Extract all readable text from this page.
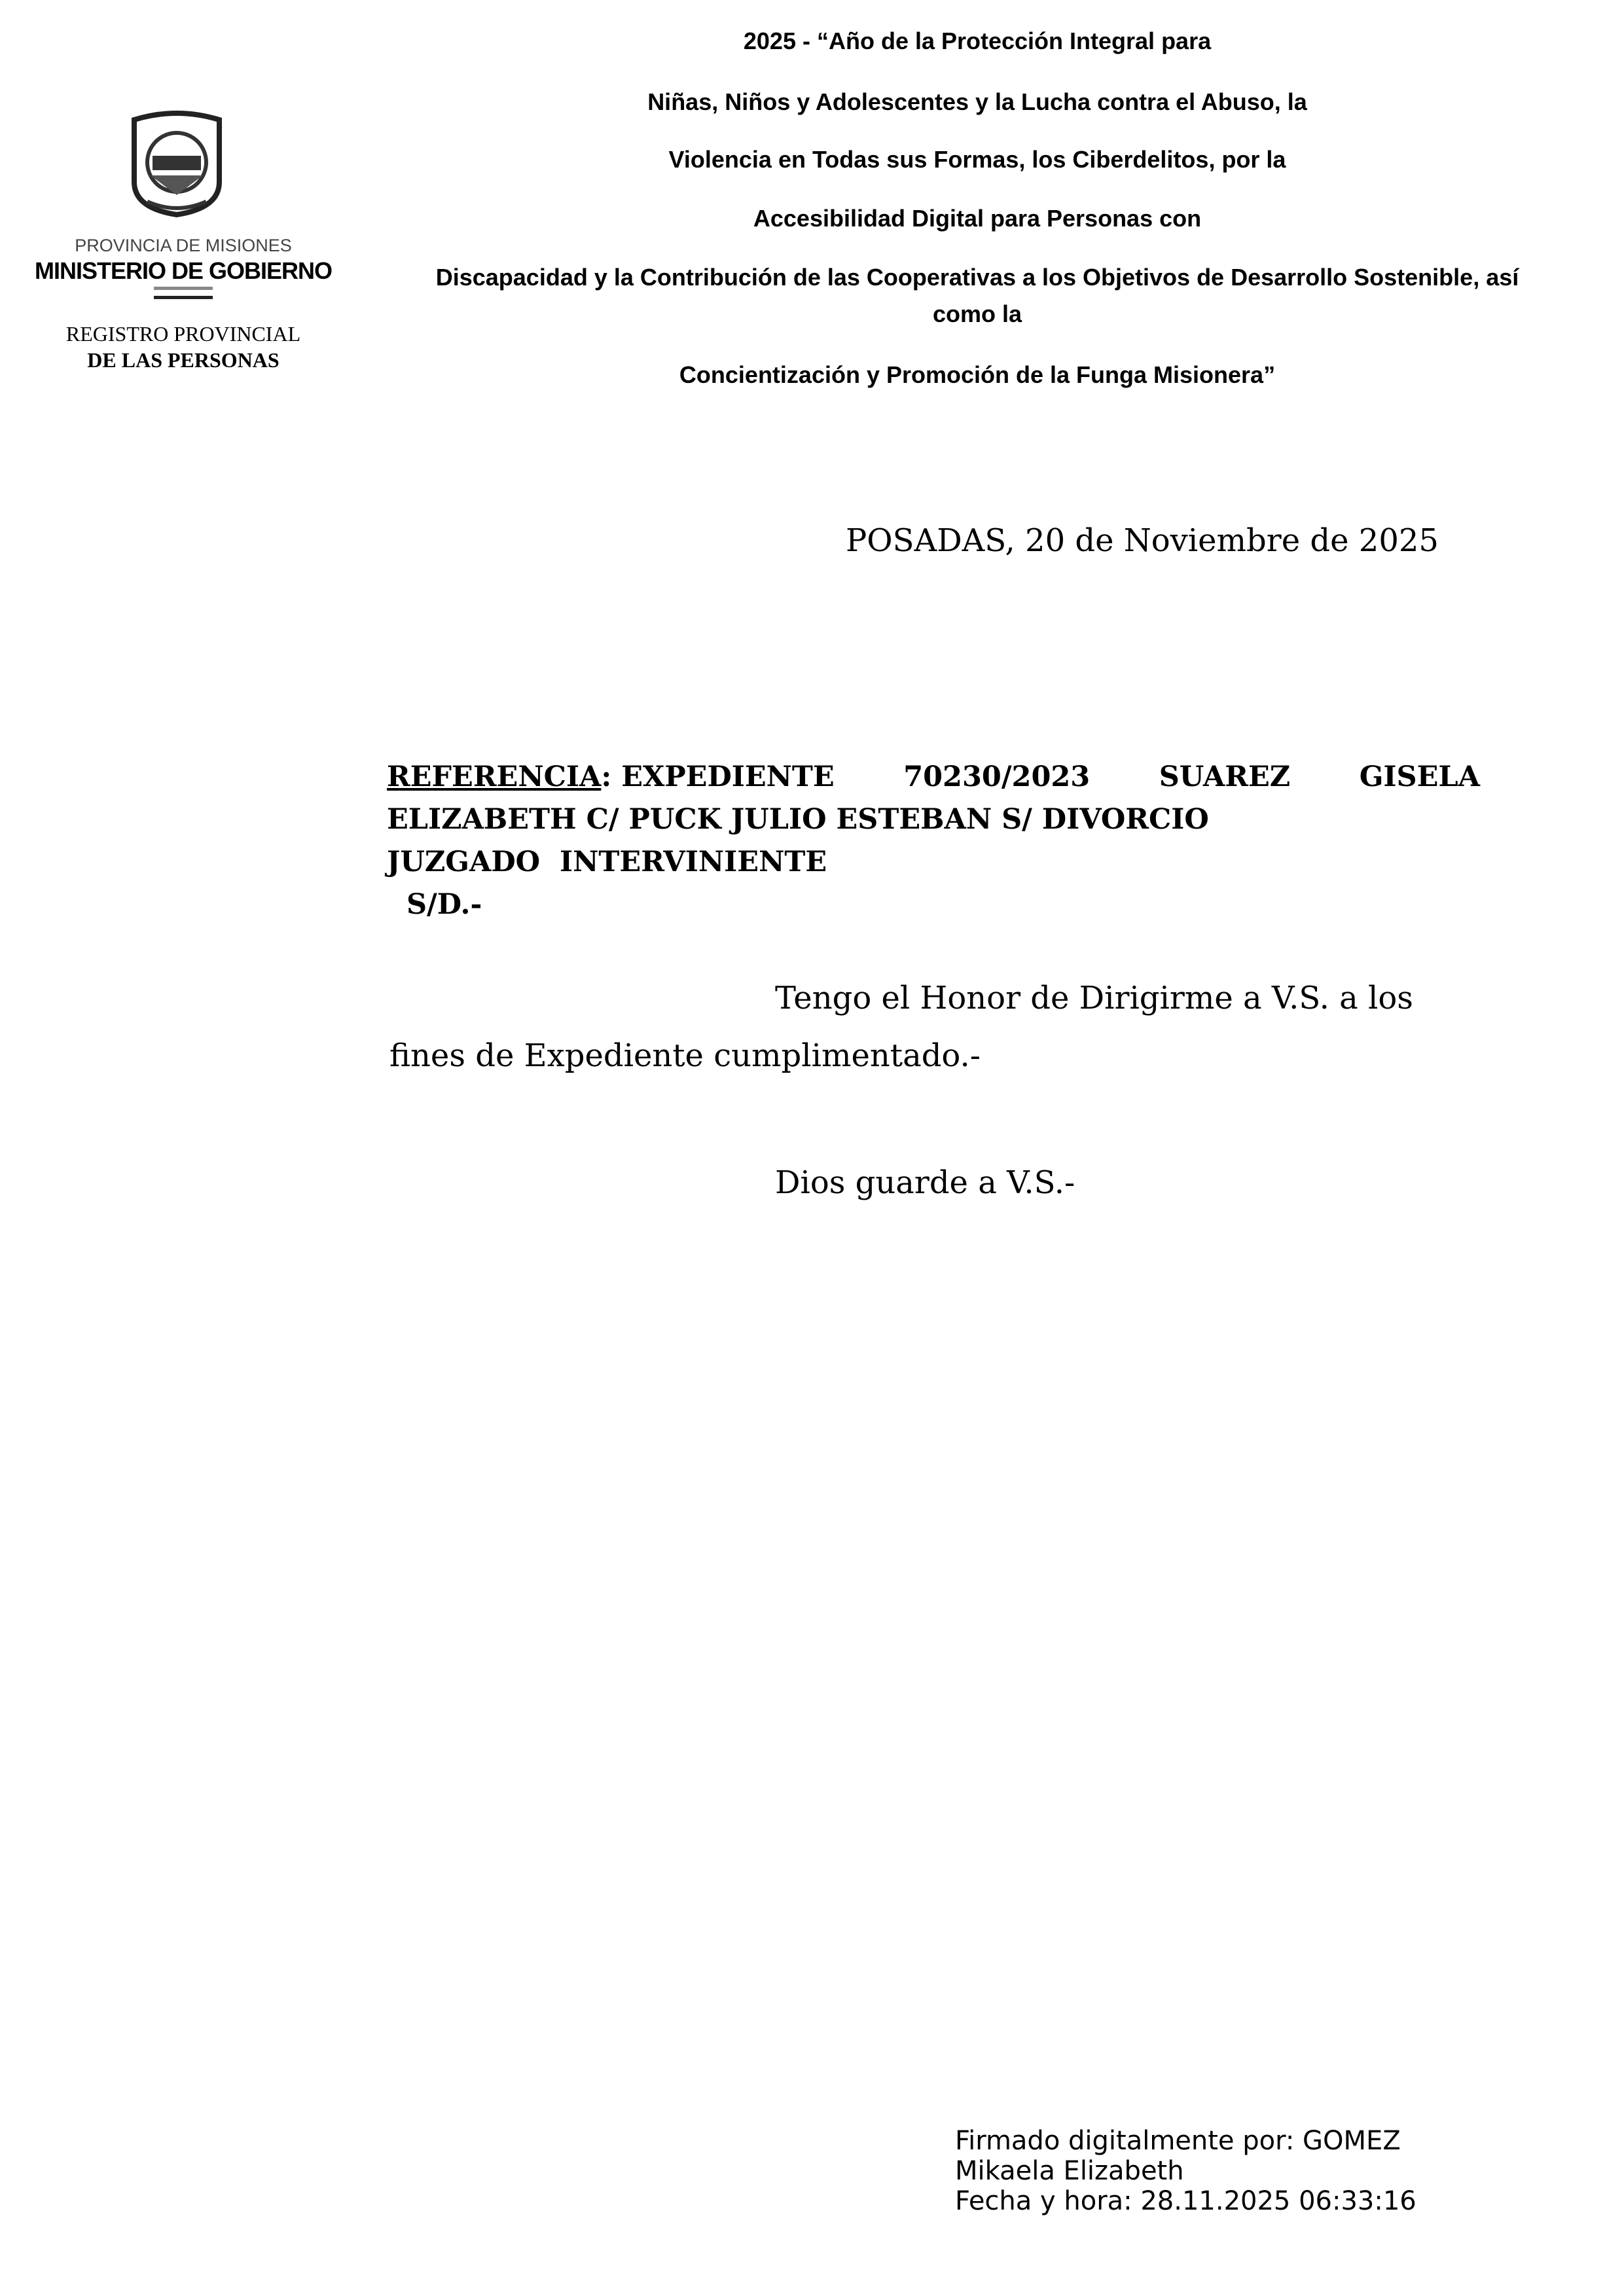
PROVINCIA DE MISIONES
MINISTERIO DE GOBIERNO
REGISTRO PROVINCIAL
DE LAS PERSONAS
2025 - “Año de la Protección Integral para
Niñas, Niños y Adolescentes y la Lucha contra el Abuso, la
Violencia en Todas sus Formas, los Ciberdelitos, por la
Accesibilidad Digital para Personas con
Discapacidad y la Contribución de las Cooperativas a los Objetivos de Desarrollo Sostenible, así
como la
Concientización y Promoción de la Funga Misionera”
POSADAS, 20 de Noviembre de 2025
REFERENCIA: EXPEDIENTE 70230/2023 SUAREZ GISELA
ELIZABETH C/ PUCK JULIO ESTEBAN S/ DIVORCIO
JUZGADO  INTERVINIENTE
S/D.-
Tengo el Honor de Dirigirme a V.S. a los
fines de Expediente cumplimentado.-
Dios guarde a V.S.-
Firmado digitalmente por: GOMEZ
Mikaela Elizabeth
Fecha y hora: 28.11.2025 06:33:16
